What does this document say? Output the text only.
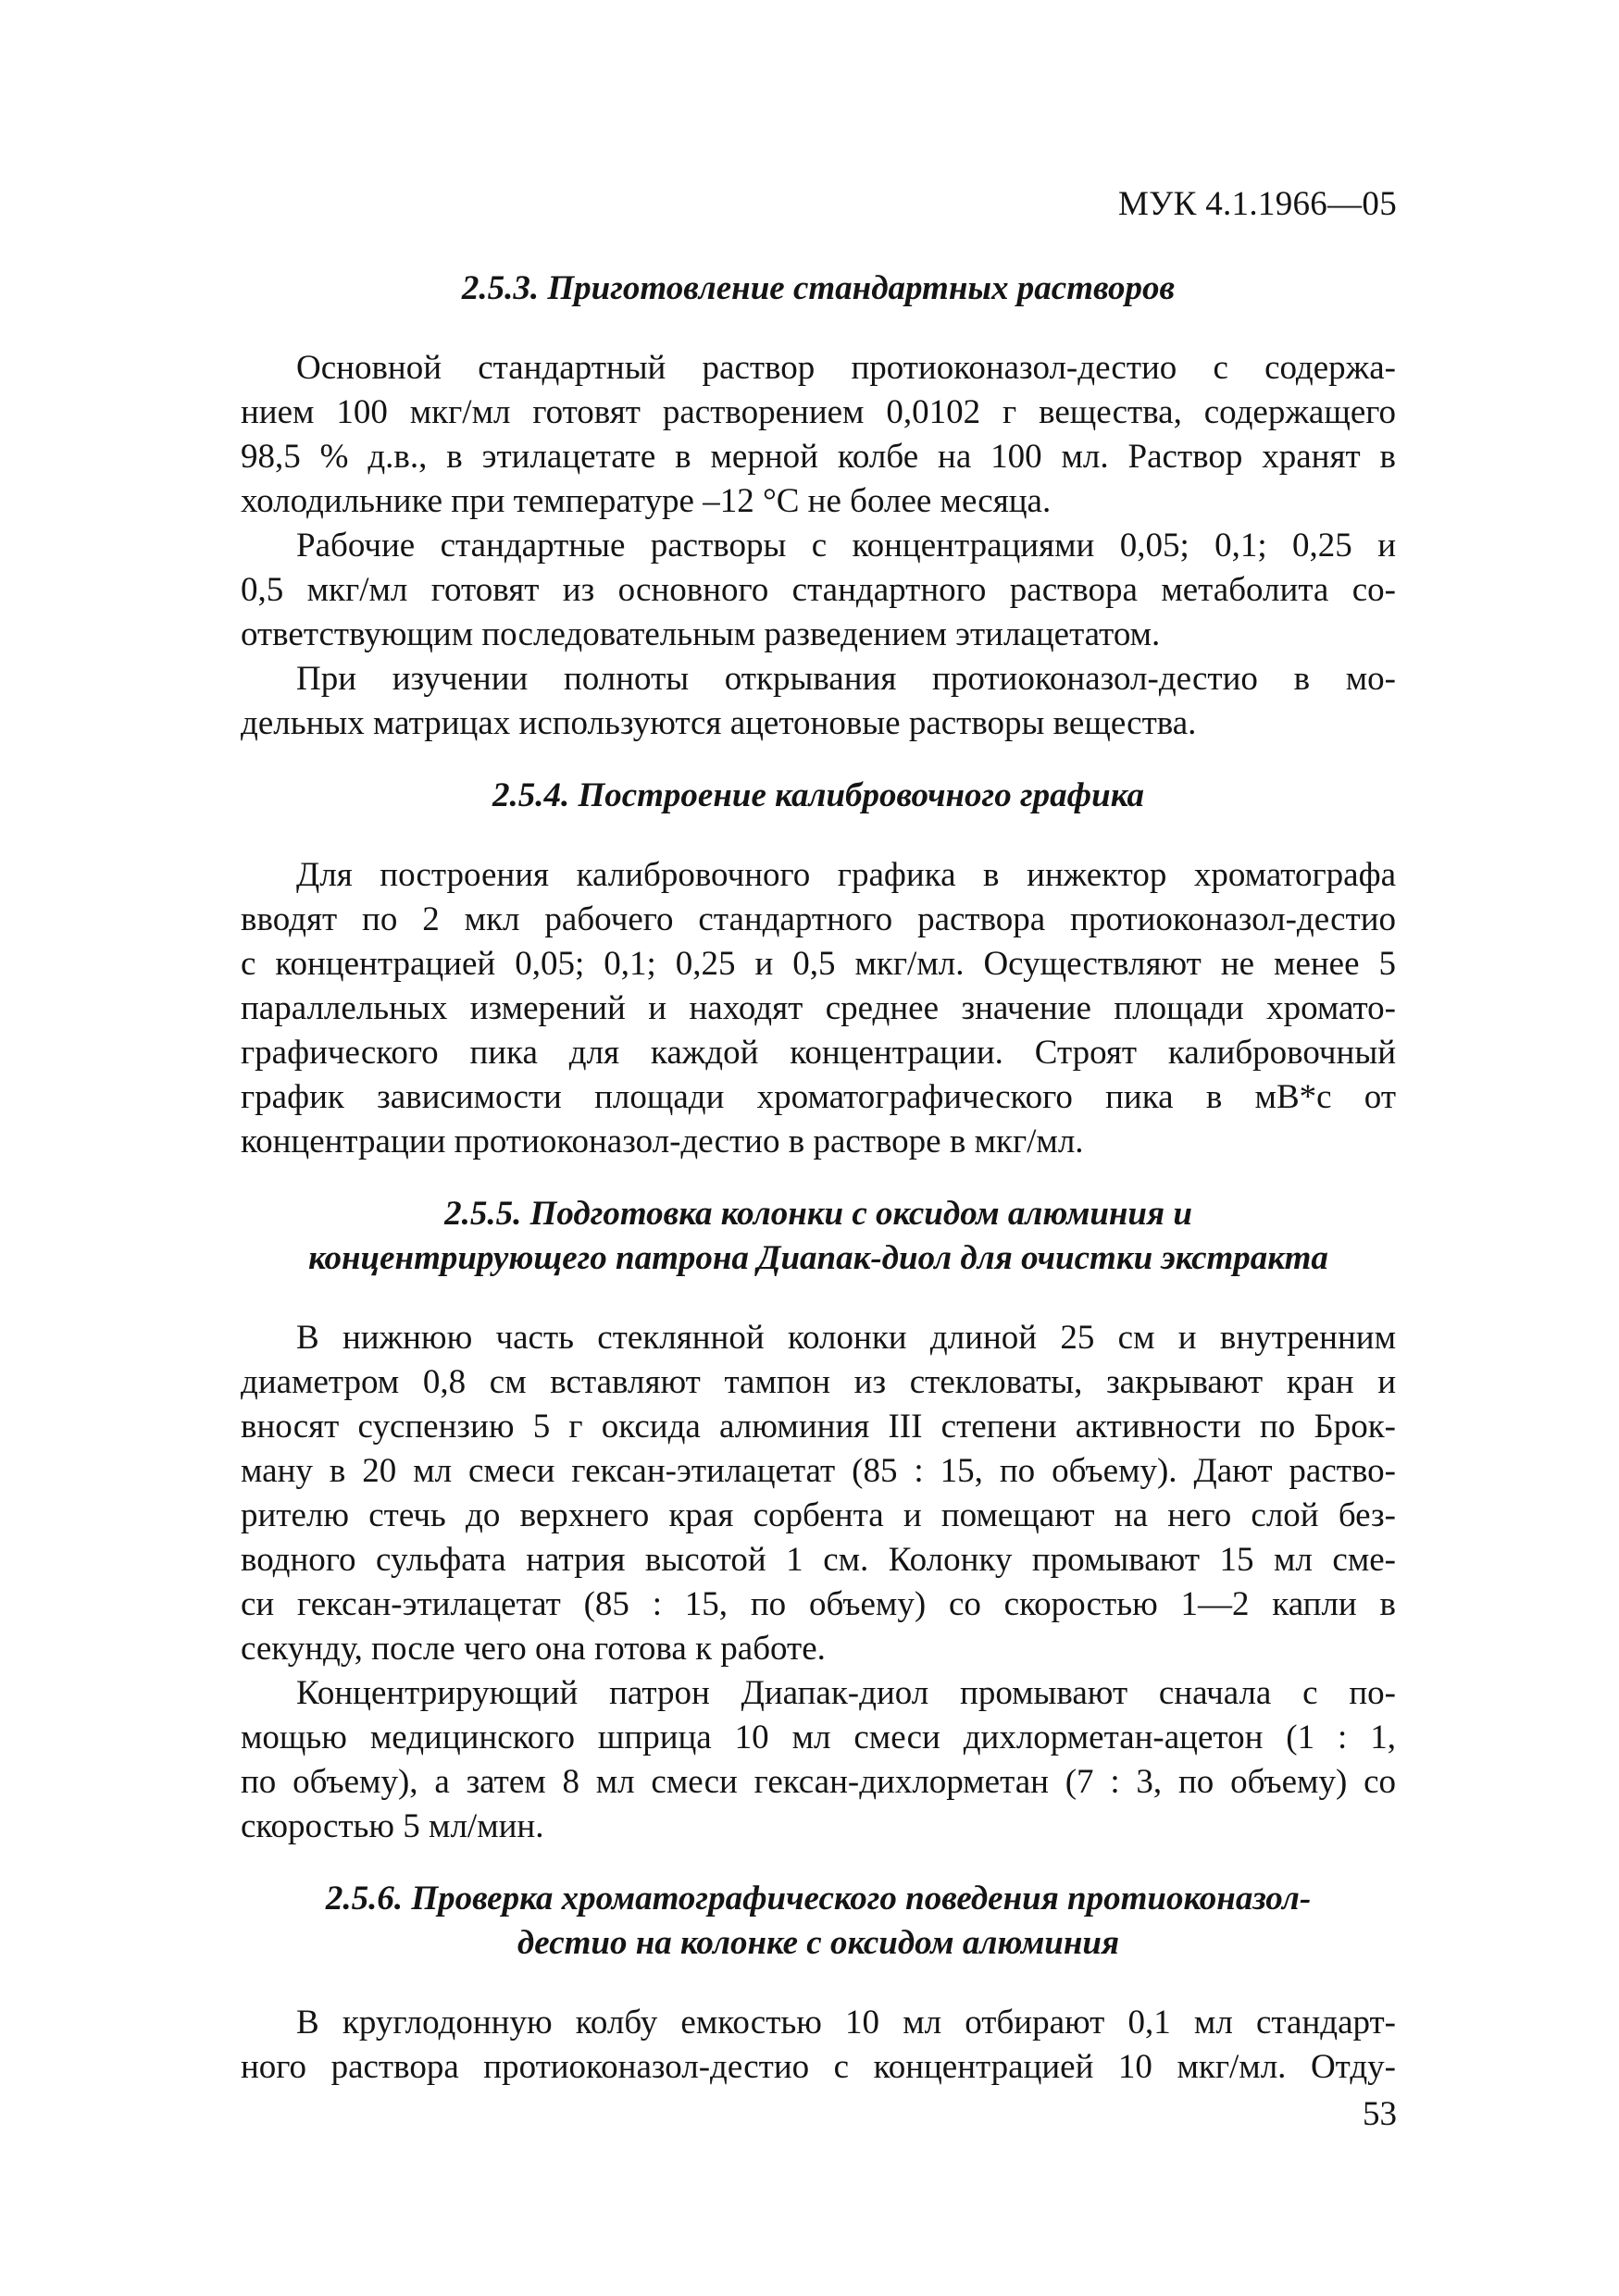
МУК 4.1.1966—05
2.5.3. Приготовление стандартных растворов

Основной стандартный раствор протиоконазол-дестио с содержа-
нием 100 мкг/мл готовят растворением 0,0102 г вещества, содержащего
98,5 % д.в., в этилацетате в мерной колбе на 100 мл. Раствор хранят в
холодильнике при температуре –12 °С не более месяца.

Рабочие стандартные растворы с концентрациями 0,05; 0,1; 0,25 и
0,5 мкг/мл готовят из основного стандартного раствора метаболита со-
ответствующим последовательным разведением этилацетатом.

При изучении полноты открывания протиоконазол-дестио в мо-
дельных матрицах используются ацетоновые растворы вещества.

2.5.4. Построение калибровочного графика

Для построения калибровочного графика в инжектор хроматографа
вводят по 2 мкл рабочего стандартного раствора протиоконазол-дестио
с концентрацией 0,05; 0,1; 0,25 и 0,5 мкг/мл. Осуществляют не менее 5
параллельных измерений и находят среднее значение площади хромато-
графического пика для каждой концентрации. Строят калибровочный
график зависимости площади хроматографического пика в мВ*с от
концентрации протиоконазол-дестио в растворе в мкг/мл.

2.5.5. Подготовка колонки с оксидом алюминия и
концентрирующего патрона Диапак-диол для очистки экстракта

В нижнюю часть стеклянной колонки длиной 25 см и внутренним
диаметром 0,8 см вставляют тампон из стекловаты, закрывают кран и
вносят суспензию 5 г оксида алюминия III степени активности по Брок-
ману в 20 мл смеси гексан-этилацетат (85 : 15, по объему). Дают раство-
рителю стечь до верхнего края сорбента и помещают на него слой без-
водного сульфата натрия высотой 1 см. Колонку промывают 15 мл сме-
си гексан-этилацетат (85 : 15, по объему) со скоростью 1—2 капли в
секунду, после чего она готова к работе.

Концентрирующий патрон Диапак-диол промывают сначала с по-
мощью медицинского шприца 10 мл смеси дихлорметан-ацетон (1 : 1,
по объему), а затем 8 мл смеси гексан-дихлорметан (7 : 3, по объему) со
скоростью 5 мл/мин.

2.5.6. Проверка хроматографического поведения протиоконазол-
дестио на колонке с оксидом алюминия

В круглодонную колбу емкостью 10 мл отбирают 0,1 мл стандарт-
ного раствора протиоконазол-дестио с концентрацией 10 мкг/мл. Отду-

53
